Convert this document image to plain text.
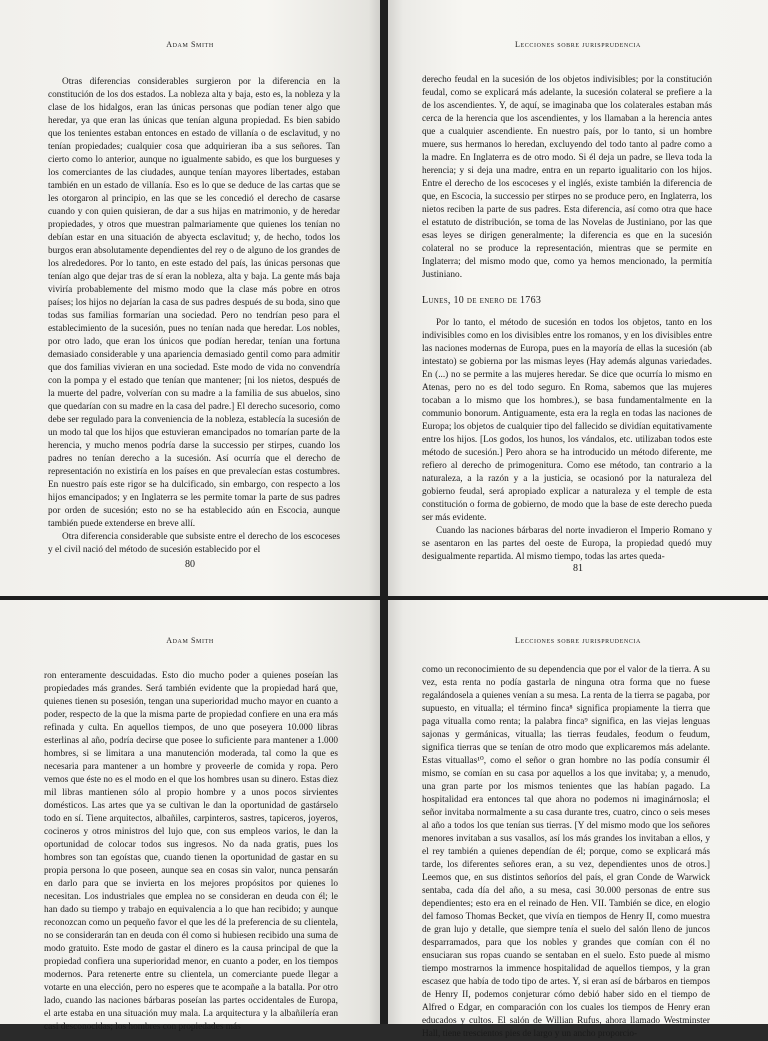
Adam Smith

Otras diferencias considerables surgieron por la diferencia en la constitución de los dos estados. La nobleza alta y baja, esto es, la nobleza y la clase de los hidalgos, eran las únicas personas que podían tener algo que heredar, ya que eran las únicas que tenían alguna propiedad. Es bien sabido que los tenientes estaban entonces en estado de villanía o de esclavitud, y no tenían propiedades; cualquier cosa que adquirieran iba a sus señores. Tan cierto como lo anterior, aunque no igualmente sabido, es que los burgueses y los comerciantes de las ciudades, aunque tenían mayores libertades, estaban también en un estado de villanía. Eso es lo que se deduce de las cartas que se les otorgaron al principio, en las que se les concedió el derecho de casarse cuando y con quien quisieran, de dar a sus hijas en matrimonio, y de heredar propiedades, y otros que muestran palmariamente que quienes los tenían no debían estar en una situación de abyecta esclavitud; y, de hecho, todos los burgos eran absolutamente dependientes del rey o de alguno de los grandes de los alrededores. Por lo tanto, en este estado del país, las únicas personas que tenían algo que dejar tras de sí eran la nobleza, alta y baja. La gente más baja viviría probablemente del mismo modo que la clase más pobre en otros países; los hijos no dejarían la casa de sus padres después de su boda, sino que todas sus familias formarían una sociedad. Pero no tendrían peso para el establecimiento de la sucesión, pues no tenían nada que heredar. Los nobles, por otro lado, que eran los únicos que podían heredar, tenían una fortuna demasiado considerable y una apariencia demasiado gentil como para admitir que dos familias vivieran en una sociedad. Este modo de vida no convendría con la pompa y el estado que tenían que mantener; [ni los nietos, después de la muerte del padre, volverían con su madre a la familia de sus abuelos, sino que quedarían con su madre en la casa del padre.] El derecho sucesorio, como debe ser regulado para la conveniencia de la nobleza, establecía la sucesión de un modo tal que los hijos que estuvieran emancipados no tomarían parte de la herencia, y mucho menos podría darse la successio per stirpes, cuando los padres no tenían derecho a la sucesión. Así ocurría que el derecho de representación no existiría en los países en que prevalecían estas costumbres. En nuestro país este rigor se ha dulcificado, sin embargo, con respecto a los hijos emancipados; y en Inglaterra se les permite tomar la parte de sus padres por orden de sucesión; esto no se ha establecido aún en Escocia, aunque también puede extenderse en breve allí.

Otra diferencia considerable que subsiste entre el derecho de los escoceses y el civil nació del método de sucesión establecido por el

80
Lecciones sobre jurisprudencia

derecho feudal en la sucesión de los objetos indivisibles; por la constitución feudal, como se explicará más adelante, la sucesión colateral se prefiere a la de los ascendientes. Y, de aquí, se imaginaba que los colaterales estaban más cerca de la herencia que los ascendientes, y los llamaban a la herencia antes que a cualquier ascendiente. En nuestro país, por lo tanto, si un hombre muere, sus hermanos lo heredan, excluyendo del todo tanto al padre como a la madre. En Inglaterra es de otro modo. Si él deja un padre, se lleva toda la herencia; y si deja una madre, entra en un reparto igualitario con los hijos. Entre el derecho de los escoceses y el inglés, existe también la diferencia de que, en Escocia, la successio per stirpes no se produce pero, en Inglaterra, los nietos reciben la parte de sus padres. Esta diferencia, así como otra que hace el estatuto de distribución, se toma de las Novelas de Justiniano, por las que esas leyes se dirigen generalmente; la diferencia es que en la sucesión colateral no se produce la representación, mientras que se permite en Inglaterra; del mismo modo que, como ya hemos mencionado, la permitía Justiniano.

Lunes, 10 de enero de 1763

Por lo tanto, el método de sucesión en todos los objetos, tanto en los indivisibles como en los divisibles entre los romanos, y en los divisibles entre las naciones modernas de Europa, pues en la mayoría de ellas la sucesión (ab intestato) se gobierna por las mismas leyes (Hay además algunas variedades. En (...) no se permite a las mujeres heredar. Se dice que ocurría lo mismo en Atenas, pero no es del todo seguro. En Roma, sabemos que las mujeres tocaban a lo mismo que los hombres.), se basa fundamentalmente en la communio bonorum. Antiguamente, esta era la regla en todas las naciones de Europa; los objetos de cualquier tipo del fallecido se dividían equitativamente entre los hijos. [Los godos, los hunos, los vándalos, etc. utilizaban todos este método de sucesión.] Pero ahora se ha introducido un método diferente, me refiero al derecho de primogenitura. Como ese método, tan contrario a la naturaleza, a la razón y a la justicia, se ocasionó por la naturaleza del gobierno feudal, será apropiado explicar a naturaleza y el temple de esta constitución o forma de gobierno, de modo que la base de este derecho pueda ser más evidente.

Cuando las naciones bárbaras del norte invadieron el Imperio Romano y se asentaron en las partes del oeste de Europa, la propiedad quedó muy desigualmente repartida. Al mismo tiempo, todas las artes queda-

81
Adam Smith

ron enteramente descuidadas. Esto dio mucho poder a quienes poseían las propiedades más grandes. Será también evidente que la propiedad hará que, quienes tienen su posesión, tengan una superioridad mucho mayor en cuanto a poder, respecto de la que la misma parte de propiedad confiere en una era más refinada y culta. En aquellos tiempos, de uno que poseyera 10.000 libras esterlinas al año, podría decirse que posee lo suficiente para mantener a 1.000 hombres, si se limitara a una manutención moderada, tal como la que es necesaria para mantener a un hombre y proveerle de comida y ropa. Pero vemos que éste no es el modo en el que los hombres usan su dinero. Estas diez mil libras mantienen sólo al propio hombre y a unos pocos sirvientes domésticos. Las artes que ya se cultivan le dan la oportunidad de gastárselo todo en sí. Tiene arquitectos, albañiles, carpinteros, sastres, tapiceros, joyeros, cocineros y otros ministros del lujo que, con sus empleos varios, le dan la oportunidad de colocar todos sus ingresos. No da nada gratis, pues los hombres son tan egoístas que, cuando tienen la oportunidad de gastar en su propia persona lo que poseen, aunque sea en cosas sin valor, nunca pensarán en darlo para que se invierta en los mejores propósitos por quienes lo necesitan. Los industriales que emplea no se consideran en deuda con él; le han dado su tiempo y trabajo en equivalencia a lo que han recibido; y aunque reconozcan como un pequeño favor el que les dé la preferencia de su clientela, no se considerarán tan en deuda con él como si hubiesen recibido una suma de modo gratuito. Este modo de gastar el dinero es la causa principal de que la propiedad confiera una superioridad menor, en cuanto a poder, en los tiempos modernos. Para retenerte entre su clientela, un comerciante puede llegar a votarte en una elección, pero no esperes que te acompañe a la batalla. Por otro lado, cuando las naciones bárbaras poseían las partes occidentales de Europa, el arte estaba en una situación muy mala. La arquitectura y la albañilería eran casi desconocidas; los hombres con propiedades más

Lecciones sobre jurisprudencia

como un reconocimiento de su dependencia que por el valor de la tierra. A su vez, esta renta no podía gastarla de ninguna otra forma que no fuese regalándosela a quienes venían a su mesa. La renta de la tierra se pagaba, por supuesto, en vitualla; el término finca⁸ significa propiamente la tierra que paga vitualla como renta; la palabra finca⁹ significa, en las viejas lenguas sajonas y germánicas, vitualla; las tierras feudales, feodum o feudum, significa tierras que se tenían de otro modo que explicaremos más adelante. Estas vituallas¹⁰, como el señor o gran hombre no las podía consumir él mismo, se comían en su casa por aquellos a los que invitaba; y, a menudo, una gran parte por los mismos tenientes que las habían pagado. La hospitalidad era entonces tal que ahora no podemos ni imaginárnosla; el señor invitaba normalmente a su casa durante tres, cuatro, cinco o seis meses al año a todos los que tenían sus tierras. [Y del mismo modo que los señores menores invitaban a sus vasallos, así los más grandes los invitaban a ellos, y el rey también a quienes dependían de él; porque, como se explicará más tarde, los diferentes señores eran, a su vez, dependientes unos de otros.] Leemos que, en sus distintos señoríos del país, el gran Conde de Warwick sentaba, cada día del año, a su mesa, casi 30.000 personas de entre sus dependientes; esto era en el reinado de Hen. VII. También se dice, en elogio del famoso Thomas Becket, que vivía en tiempos de Henry II, como muestra de gran lujo y detalle, que siempre tenía el suelo del salón lleno de juncos desparramados, para que los nobles y grandes que comían con él no ensuciaran sus ropas cuando se sentaban en el suelo. Esto puede al mismo tiempo mostrarnos la immence hospitalidad de aquellos tiempos, y la gran escasez que había de todo tipo de artes. Y, si eran así de bárbaros en tiempos de Henry II, podemos conjeturar cómo debió haber sido en el tiempo de Alfred o Edgar, en comparación con los cuales los tiempos de Henry eran educados y cultos. El salón de Willian Rufus, ahora llamado Westminster Hall, tiene trescientos pies de largo y un ancho proporcio-
